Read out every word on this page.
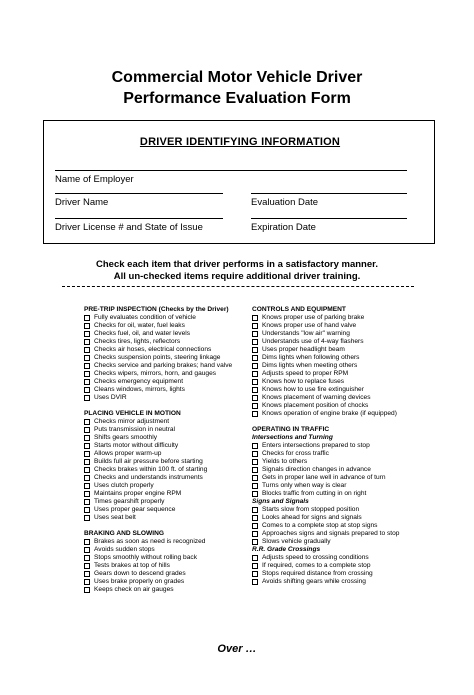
Commercial Motor Vehicle Driver
Performance Evaluation Form
DRIVER IDENTIFYING INFORMATION
Name of Employer
Driver Name	Evaluation Date
Driver License # and State of Issue	Expiration Date
Check each item that driver performs in a satisfactory manner.
All un-checked items require additional driver training.
PRE-TRIP INSPECTION (Checks by the Driver)
Fully evaluates condition of vehicle
Checks for oil, water, fuel leaks
Checks fuel, oil, and water levels
Checks tires, lights, reflectors
Checks air hoses, electrical connections
Checks suspension points, steering linkage
Checks service and parking brakes; hand valve
Checks wipers, mirrors, horn, and gauges
Checks emergency equipment
Cleans windows, mirrors, lights
Uses DVIR
PLACING VEHICLE IN MOTION
Checks mirror adjustment
Puts transmission in neutral
Shifts gears smoothly
Starts motor without difficulty
Allows proper warm-up
Builds full air pressure before starting
Checks brakes within 100 ft. of starting
Checks and understands instruments
Uses clutch properly
Maintains proper engine RPM
Times gearshift properly
Uses proper gear sequence
Uses seat belt
BRAKING AND SLOWING
Brakes as soon as need is recognized
Avoids sudden stops
Stops smoothly without rolling back
Tests brakes at top of hills
Gears down to descend grades
Uses brake properly on grades
Keeps check on air gauges
CONTROLS AND EQUIPMENT
Knows proper use of parking brake
Knows proper use of hand valve
Understands "low air" warning
Understands use of 4-way flashers
Uses proper headlight beam
Dims lights when following others
Dims lights when meeting others
Adjusts speed to proper RPM
Knows how to replace fuses
Knows how to use fire extinguisher
Knows placement of warning devices
Knows placement position of chocks
Knows operation of engine brake (if equipped)
OPERATING IN TRAFFIC
Intersections and Turning
Enters intersections prepared to stop
Checks for cross traffic
Yields to others
Signals direction changes in advance
Gets in proper lane well in advance of turn
Turns only when way is clear
Blocks traffic from cutting in on right
Signs and Signals
Starts slow from stopped position
Looks ahead for signs and signals
Comes to a complete stop at stop signs
Approaches signs and signals prepared to stop
Slows vehicle gradually
R.R. Grade Crossings
Adjusts speed to crossing conditions
If required, comes to a complete stop
Stops required distance from crossing
Avoids shifting gears while crossing
Over …
